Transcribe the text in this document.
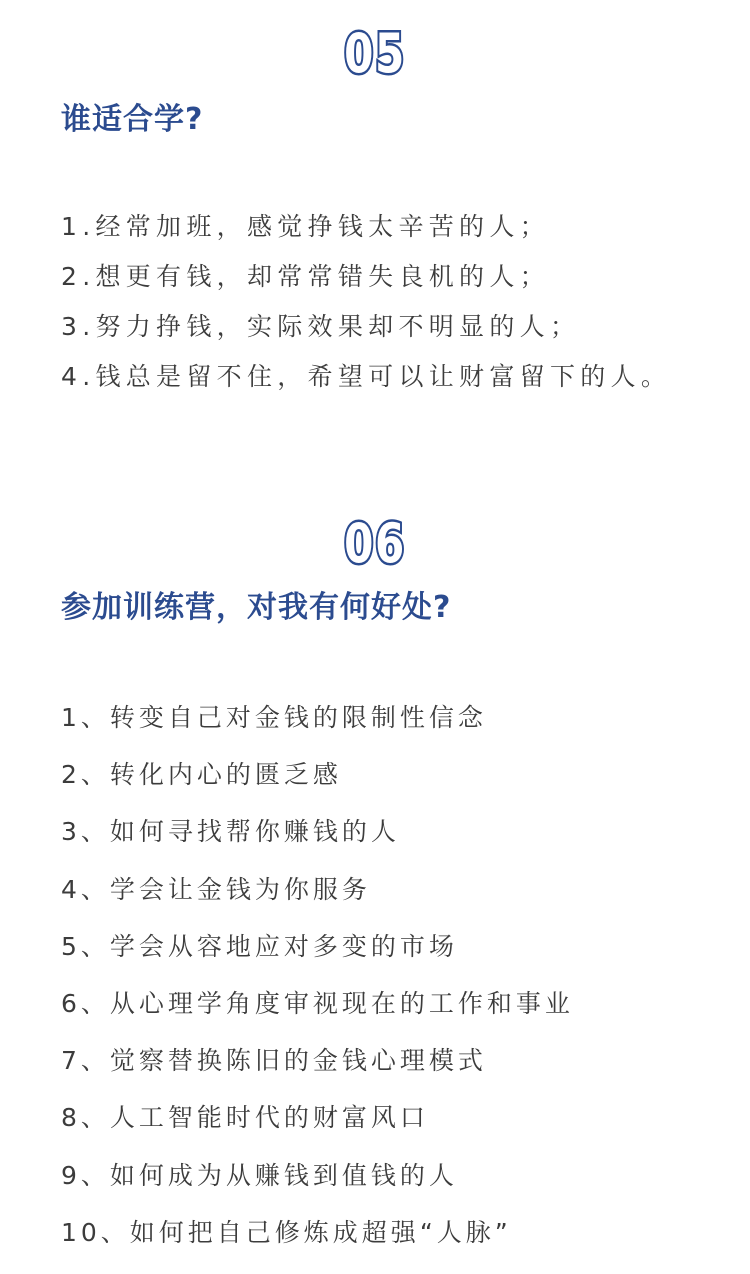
05
谁适合学?
1.经常加班，感觉挣钱太辛苦的人；
2.想更有钱，却常常错失良机的人；
3.努力挣钱，实际效果却不明显的人；
4.钱总是留不住，希望可以让财富留下的人。
06
参加训练营，对我有何好处?
1、转变自己对金钱的限制性信念
2、转化内心的匮乏感
3、如何寻找帮你赚钱的人
4、学会让金钱为你服务
5、学会从容地应对多变的市场
6、从心理学角度审视现在的工作和事业
7、觉察替换陈旧的金钱心理模式
8、人工智能时代的财富风口
9、如何成为从赚钱到值钱的人
10、如何把自己修炼成超强“人脉”
